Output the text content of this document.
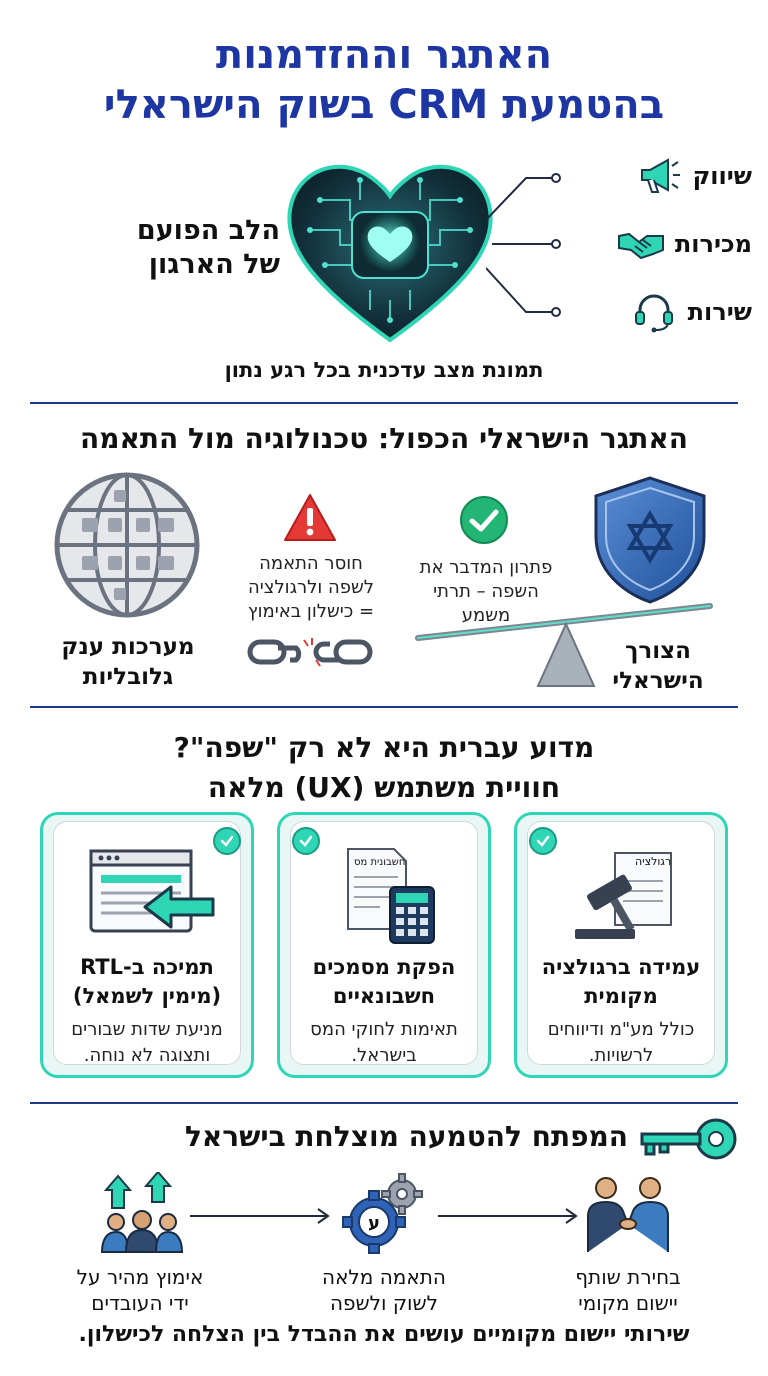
האתגר וההזדמנות
בהטמעת CRM בשוק הישראלי
הלב הפועם
של הארגון
שיווק
מכירות
שירות
תמונת מצב עדכנית בכל רגע נתון
האתגר הישראלי הכפול: טכנולוגיה מול התאמה
הצורך
הישראלי
פתרון המדבר את
השפה – תרתי
משמע
חוסר התאמה
לשפה ולרגולציה
= כישלון באימוץ
מערכות ענק
גלובליות
מדוע עברית היא לא רק "שפה"?
חוויית משתמש (UX) מלאה
רגולציה
עמידה ברגולציה
מקומית
כולל מע"מ ודיווחים
לרשויות.
חשבונית מס
הפקת מסמכים
חשבונאיים
תאימות לחוקי המס
בישראל.
תמיכה ב-RTL
(מימין לשמאל)
מניעת שדות שבורים
ותצוגה לא נוחה.
המפתח להטמעה מוצלחת בישראל
בחירת שותף
יישום מקומי
ע
התאמה מלאה
לשוק ולשפה
אימוץ מהיר על
ידי העובדים
שירותי יישום מקומיים עושים את ההבדל בין הצלחה לכישלון.
